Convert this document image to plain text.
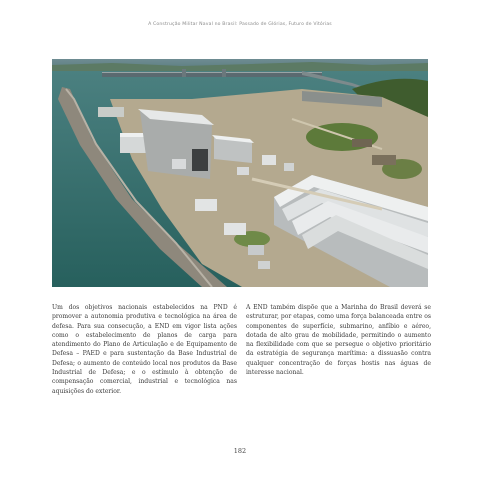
A Construção Militar Naval no Brasil: Passado de Glórias, Futuro de Vitórias
Um dos objetivos nacionais estabelecidos na PND é promover a autonomia produtiva e tecnológica na área de defesa. Para sua consecução, a END em vigor lista ações como o estabelecimento de planos de carga para atendimento do Plano de Articulação e de Equipamento de Defesa – PAED e para sustentação da Base Industrial de Defesa; o aumento de conteúdo local nos produtos da Base Industrial de Defesa; e o estímulo à obtenção de compensação comercial, industrial e tecnológica nas aquisições do exterior.
A END também dispõe que a Marinha do Brasil deverá se estruturar, por etapas, como uma força balanceada entre os componentes de superfície, submarino, anfíbio e aéreo, dotada de alto grau de mobilidade, permitindo o aumento na flexibilidade com que se persegue o objetivo prioritário da estratégia de segurança marítima: a dissuasão contra qualquer concentração de forças hostis nas águas de interesse nacional.
182
